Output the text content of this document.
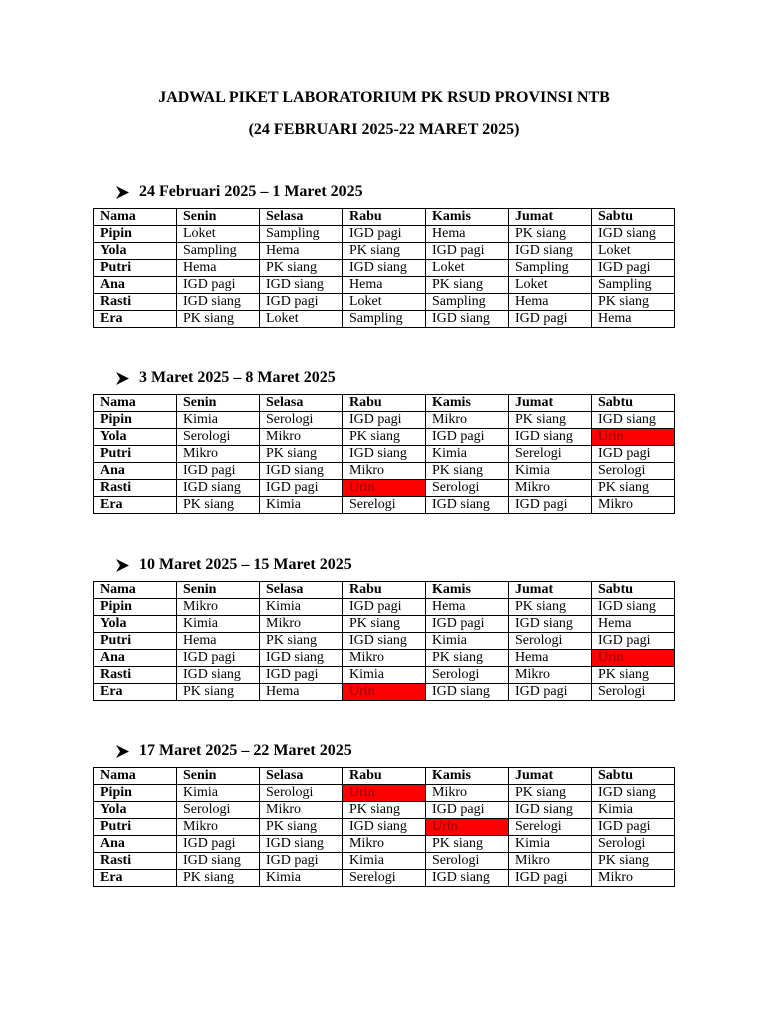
JADWAL PIKET LABORATORIUM PK RSUD PROVINSI NTB
(24 FEBRUARI 2025-22 MARET 2025)
24 Februari 2025 – 1 Maret 2025
Nama	Senin	Selasa	Rabu	Kamis	Jumat	Sabtu
Pipin	Loket	Sampling	IGD pagi	Hema	PK siang	IGD siang
Yola	Sampling	Hema	PK siang	IGD pagi	IGD siang	Loket
Putri	Hema	PK siang	IGD siang	Loket	Sampling	IGD pagi
Ana	IGD pagi	IGD siang	Hema	PK siang	Loket	Sampling
Rasti	IGD siang	IGD pagi	Loket	Sampling	Hema	PK siang
Era	PK siang	Loket	Sampling	IGD siang	IGD pagi	Hema
3 Maret 2025 – 8 Maret 2025
Nama	Senin	Selasa	Rabu	Kamis	Jumat	Sabtu
Pipin	Kimia	Serologi	IGD pagi	Mikro	PK siang	IGD siang
Yola	Serologi	Mikro	PK siang	IGD pagi	IGD siang	Urin
Putri	Mikro	PK siang	IGD siang	Kimia	Serelogi	IGD pagi
Ana	IGD pagi	IGD siang	Mikro	PK siang	Kimia	Serologi
Rasti	IGD siang	IGD pagi	Urin	Serologi	Mikro	PK siang
Era	PK siang	Kimia	Serelogi	IGD siang	IGD pagi	Mikro
10 Maret 2025 – 15 Maret 2025
Nama	Senin	Selasa	Rabu	Kamis	Jumat	Sabtu
Pipin	Mikro	Kimia	IGD pagi	Hema	PK siang	IGD siang
Yola	Kimia	Mikro	PK siang	IGD pagi	IGD siang	Hema
Putri	Hema	PK siang	IGD siang	Kimia	Serologi	IGD pagi
Ana	IGD pagi	IGD siang	Mikro	PK siang	Hema	Urin
Rasti	IGD siang	IGD pagi	Kimia	Serologi	Mikro	PK siang
Era	PK siang	Hema	Urin	IGD siang	IGD pagi	Serologi
17 Maret 2025 – 22 Maret 2025
Nama	Senin	Selasa	Rabu	Kamis	Jumat	Sabtu
Pipin	Kimia	Serologi	Urin	Mikro	PK siang	IGD siang
Yola	Serologi	Mikro	PK siang	IGD pagi	IGD siang	Kimia
Putri	Mikro	PK siang	IGD siang	Urin	Serelogi	IGD pagi
Ana	IGD pagi	IGD siang	Mikro	PK siang	Kimia	Serologi
Rasti	IGD siang	IGD pagi	Kimia	Serologi	Mikro	PK siang
Era	PK siang	Kimia	Serelogi	IGD siang	IGD pagi	Mikro
